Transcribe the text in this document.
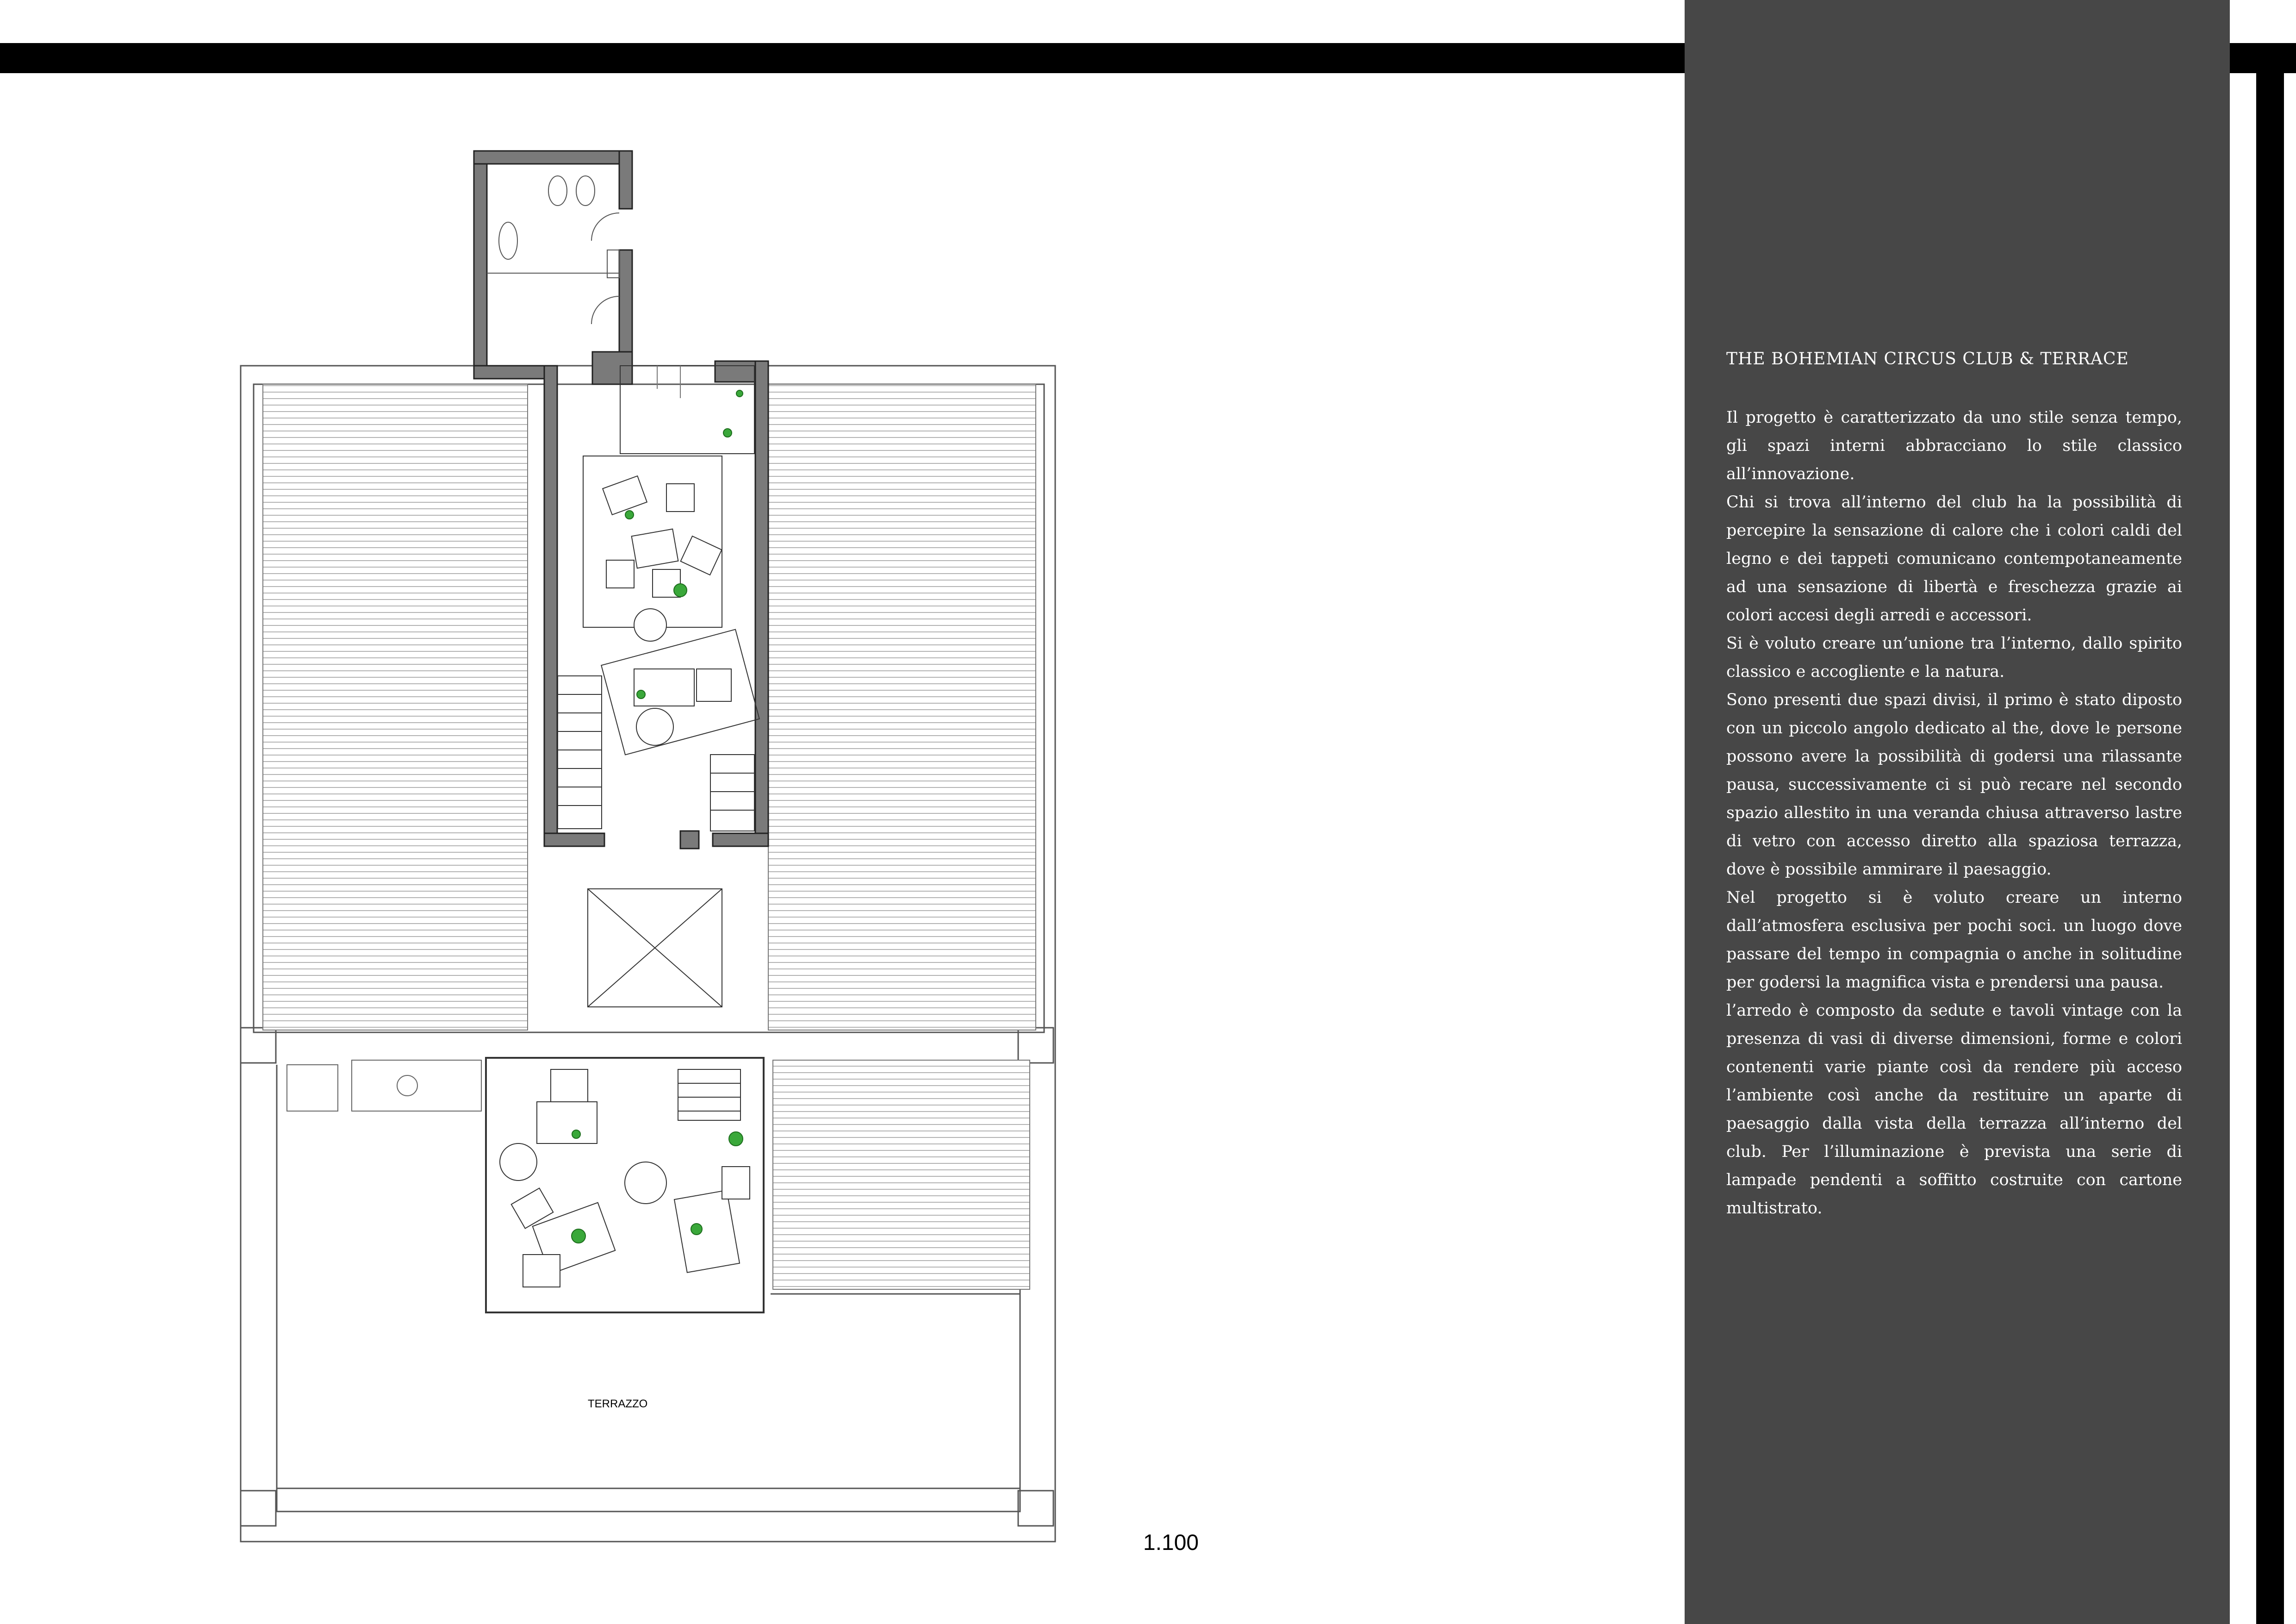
TERRAZZO
1.100
THE BOHEMIAN CIRCUS CLUB & TERRACE

Il progetto è caratterizzato da uno stile senza tempo, gli spazi interni abbracciano lo stile classico all’innovazione.

Chi si trova all’interno del club ha la possibilità di percepire la sensazione di calore che i colori caldi del legno e dei tappeti comunicano contempotaneamente ad una sensazione di libertà e freschezza grazie ai colori accesi degli arredi e accessori.

Si è voluto creare un’unione tra l’interno, dallo spirito classico e accogliente e la natura.

Sono presenti due spazi divisi, il primo è stato diposto con un piccolo angolo dedicato al the, dove le persone possono avere la possibilità di godersi una rilassante pausa, successivamente ci si può recare nel secondo spazio allestito in una veranda chiusa attraverso lastre di vetro con accesso diretto alla spaziosa terrazza, dove è possibile ammirare il paesaggio.

Nel progetto si è voluto creare un interno dall’atmosfera esclusiva per pochi soci. un luogo dove passare del tempo in compagnia o anche in solitudine per godersi la magnifica vista e prendersi una pausa.

l’arredo è composto da sedute e tavoli vintage con la presenza di vasi di diverse dimensioni, forme e colori contenenti varie piante così da rendere più acceso l’ambiente così anche da restituire un aparte di paesaggio dalla vista della terrazza all’interno del club. Per l’illuminazione è prevista una serie di lampade pendenti a soffitto costruite con cartone multistrato.
